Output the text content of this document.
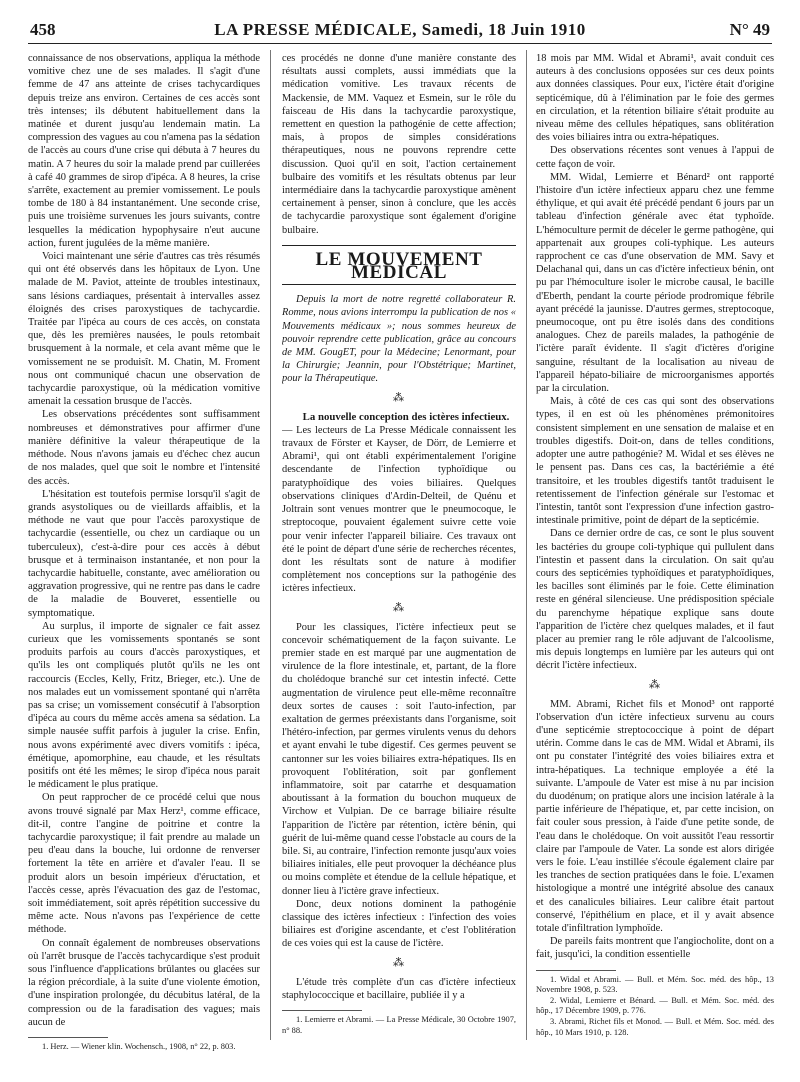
458	LA PRESSE MÉDICALE, Samedi, 18 Juin 1910	N° 49

connaissance de nos observations, appliqua la méthode vomitive chez une de ses malades. Il s'agit d'une femme de 47 ans atteinte de crises tachycardiques depuis treize ans environ. Certaines de ces accès sont très intenses; ils débutent habituellement dans la matinée et durent jusqu'au lendemain matin. La compression des vagues au cou n'amena pas la sédation de l'accès au cours d'une crise qui débuta à 7 heures du matin. A 7 heures du soir la malade prend par cuillerées à café 40 grammes de sirop d'ipéca. A 8 heures, la crise s'arrête, exactement au premier vomissement. Le pouls tombe de 180 à 84 instantanément. Une seconde crise, puis une troisième survenues les jours suivants, contre lesquelles la médication hypophysaire n'eut aucune action, furent jugulées de la même manière.

Voici maintenant une série d'autres cas très résumés qui ont été observés dans les hôpitaux de Lyon. Une malade de M. Paviot, atteinte de troubles intestinaux, sans lésions cardiaques, présentait à intervalles assez éloignés des crises paroxystiques de tachycardie. Traitée par l'ipéca au cours de ces accès, on constata que, dès les premières nausées, le pouls retombait brusquement à la normale, et cela avant même que le vomissement ne se produisît. M. Chatin, M. Froment nous ont communiqué chacun une observation de tachycardie paroxystique, où la médication vomitive amenait la cessation brusque de l'accès.

Les observations précédentes sont suffisamment nombreuses et démonstratives pour affirmer d'une manière définitive la valeur thérapeutique de la méthode. Nous n'avons jamais eu d'échec chez aucun de nos malades, quel que soit le nombre et l'intensité des accès.

L'hésitation est toutefois permise lorsqu'il s'agit de grands asystoliques ou de vieillards affaiblis, et la méthode ne vaut que pour l'accès paroxystique de tachycardie (essentielle, ou chez un cardiaque ou un tuberculeux), c'est-à-dire pour ces accès à début brusque et à terminaison instantanée, et non pour la tachycardie habituelle, constante, avec amélioration ou aggravation progressive, qui ne rentre pas dans le cadre de la maladie de Bouveret, essentielle ou symptomatique.

Au surplus, il importe de signaler ce fait assez curieux que les vomissements spontanés se sont produits parfois au cours d'accès paroxystiques, et qu'ils les ont compliqués plutôt qu'ils ne les ont raccourcis (Eccles, Kelly, Fritz, Brieger, etc.). Une de nos malades eut un vomissement spontané qui n'arrêta pas sa crise; un vomissement consécutif à l'absorption d'ipéca au cours du même accès amena sa sédation. La simple nausée suffit parfois à juguler la crise. Enfin, nous avons expérimenté avec divers vomitifs : ipéca, émétique, apomorphine, eau chaude, et les résultats positifs ont été les mêmes; le sirop d'ipéca nous parait le médicament le plus pratique.

On peut rapprocher de ce procédé celui que nous avons trouvé signalé par Max Herz¹, comme efficace, dit-il, contre l'angine de poitrine et contre la tachycardie paroxystique; il fait prendre au malade un peu d'eau dans la bouche, lui ordonne de renverser fortement la tête en arrière et d'avaler l'eau. Il se produit alors un besoin impérieux d'éructation, et l'accès cesse, après l'évacuation des gaz de l'estomac, soit immédiatement, soit après répétition successive du même acte. Nous n'avons pas l'expérience de cette méthode.

On connaît également de nombreuses observations où l'arrêt brusque de l'accès tachycardique s'est produit sous l'influence d'applications brûlantes ou glacées sur la région précordiale, à la suite d'une violente émotion, d'une inspiration prolongée, du décubitus latéral, de la compression ou de la faradisation des vagues; mais aucun de

1. Herz. — Wiener klin. Wochensch., 1908, n° 22, p. 803.

ces procédés ne donne d'une manière constante des résultats aussi complets, aussi immédiats que la médication vomitive. Les travaux récents de Mackensie, de MM. Vaquez et Esmein, sur le rôle du faisceau de His dans la tachycardie paroxystique, remettent en question la pathogénie de cette affection; mais, à propos de simples considérations thérapeutiques, nous ne pouvons reprendre cette discussion. Quoi qu'il en soit, l'action certainement bulbaire des vomitifs et les résultats obtenus par leur intermédiaire dans la tachycardie paroxystique amènent certainement à penser, sinon à conclure, que les accès de tachycardie paroxystique sont également d'origine bulbaire.

LE MOUVEMENT MÉDICAL

Depuis la mort de notre regretté collaborateur R. Romme, nous avions interrompu la publication de nos « Mouvements médicaux »; nous sommes heureux de pouvoir reprendre cette publication, grâce au concours de MM. GougET, pour la Médecine; Lenormant, pour la Chirurgie; Jeannin, pour l'Obstétrique; Martinet, pour la Thérapeutique.

⁂

La nouvelle conception des ictères infectieux.

— Les lecteurs de La Presse Médicale connaissent les travaux de Förster et Kayser, de Dörr, de Lemierre et Abrami¹, qui ont établi expérimentalement l'origine descendante de l'infection typhoïdique ou paratyphoïdique des voies biliaires. Quelques observations cliniques d'Ardin-Delteil, de Quénu et Joltrain sont venues montrer que le pneumocoque, le streptocoque, pouvaient également suivre cette voie pour venir infecter l'appareil biliaire. Ces travaux ont été le point de départ d'une série de recherches récentes, dont les résultats sont de nature à modifier complètement nos conceptions sur la pathogénie des ictères infectieux.

⁂

Pour les classiques, l'ictère infectieux peut se concevoir schématiquement de la façon suivante. Le premier stade en est marqué par une augmentation de virulence de la flore intestinale, et, partant, de la flore du cholédoque branché sur cet intestin infecté. Cette augmentation de virulence peut elle-même reconnaître deux sortes de causes : soit l'auto-infection, par exaltation de germes préexistants dans l'organisme, soit l'hétéro-infection, par germes virulents venus du dehors et ayant envahi le tube digestif. Ces germes peuvent se cantonner sur les voies biliaires extra-hépatiques. Ils en provoquent l'oblitération, soit par gonflement inflammatoire, soit par catarrhe et desquamation aboutissant à la formation du bouchon muqueux de Virchow et Vulpian. De ce barrage biliaire résulte l'apparition de l'ictère par rétention, ictère bénin, qui guérit de lui-même quand cesse l'obstacle au cours de la bile. Si, au contraire, l'infection remonte jusqu'aux voies biliaires initiales, elle peut provoquer la déchéance plus ou moins complète et étendue de la cellule hépatique, et donner lieu à l'ictère grave infectieux.

Donc, deux notions dominent la pathogénie classique des ictères infectieux : l'infection des voies biliaires est d'origine ascendante, et c'est l'oblitération de ces voies qui est la cause de l'ictère.

⁂

L'étude très complète d'un cas d'ictère infectieux staphylococcique et bacillaire, publiée il y a

1. Lemierre et Abrami. — La Presse Médicale, 30 Octobre 1907, n° 88.

18 mois par MM. Widal et Abrami¹, avait conduit ces auteurs à des conclusions opposées sur ces deux points aux données classiques. Pour eux, l'ictère était d'origine septicémique, dû à l'élimination par le foie des germes en circulation, et la rétention biliaire s'était produite au niveau même des cellules hépatiques, sans oblitération des voies biliaires intra ou extra-hépatiques.

Des observations récentes sont venues à l'appui de cette façon de voir.

MM. Widal, Lemierre et Bénard² ont rapporté l'histoire d'un ictère infectieux apparu chez une femme éthylique, et qui avait été précédé pendant 6 jours par un tableau d'infection générale avec état typhoïde. L'hémoculture permit de déceler le germe pathogène, qui appartenait aux groupes coli-typhique. Les auteurs rapprochent ce cas d'une observation de MM. Savy et Delachanal qui, dans un cas d'ictère infectieux bénin, ont pu par l'hémoculture isoler le microbe causal, le bacille d'Eberth, pendant la courte période prodromique fébrile ayant précédé la jaunisse. D'autres germes, streptocoque, pneumocoque, ont pu être isolés dans des conditions analogues. Chez de pareils malades, la pathogénie de l'ictère paraît évidente. Il s'agit d'ictères d'origine sanguine, résultant de la localisation au niveau de l'appareil hépato-biliaire de microorganismes apportés par la circulation.

Mais, à côté de ces cas qui sont des observations types, il en est où les phénomènes prémonitoires consistent simplement en une sensation de malaise et en troubles digestifs. Doit-on, dans de telles conditions, adopter une autre pathogénie? M. Widal et ses élèves ne le pensent pas. Dans ces cas, la bactériémie a été transitoire, et les troubles digestifs tantôt traduisent le retentissement de l'infection générale sur l'estomac et l'intestin, tantôt sont l'expression d'une infection gastro-intestinale primitive, point de départ de la septicémie.

Dans ce dernier ordre de cas, ce sont le plus souvent les bactéries du groupe coli-typhique qui pullulent dans l'intestin et passent dans la circulation. On sait qu'au cours des septicémies typhoïdiques et paratyphoïdiques, les bacilles sont éliminés par le foie. Cette élimination reste en général silencieuse. Une prédisposition spéciale du parenchyme hépatique explique sans doute l'apparition de l'ictère chez quelques malades, et il faut placer au premier rang le rôle adjuvant de l'alcoolisme, mis depuis longtemps en lumière par les auteurs qui ont décrit l'ictère infectieux.

⁂

MM. Abrami, Richet fils et Monod³ ont rapporté l'observation d'un ictère infectieux survenu au cours d'une septicémie streptococcique à point de départ utérin. Comme dans le cas de MM. Widal et Abrami, ils ont pu constater l'intégrité des voies biliaires extra et intra-hépatiques. La technique employée a été la suivante. L'ampoule de Vater est mise à nu par incision du duodénum; on pratique alors une incision latérale à la partie inférieure de l'hépatique, et, par cette incision, on fait couler sous pression, à l'aide d'une petite sonde, de l'eau dans le cholédoque. On voit aussitôt l'eau ressortir claire par l'ampoule de Vater. La sonde est alors dirigée vers le foie. L'eau instillée s'écoule également claire par les tranches de section pratiquées dans le foie. L'examen histologique a montré une intégrité absolue des canaux et des canalicules biliaires. Leur calibre était partout conservé, l'épithélium en place, et il y avait absence totale d'infiltration lymphoïde.

De pareils faits montrent que l'angiocholite, dont on a fait, jusqu'ici, la condition essentielle

1. Widal et Abrami. — Bull. et Mém. Soc. méd. des hôp., 13 Novembre 1908, p. 523.

2. Widal, Lemierre et Bénard. — Bull. et Mém. Soc. méd. des hôp., 17 Décembre 1909, p. 776.

3. Abrami, Richet fils et Monod. — Bull. et Mém. Soc. méd. des hôp., 10 Mars 1910, p. 128.
